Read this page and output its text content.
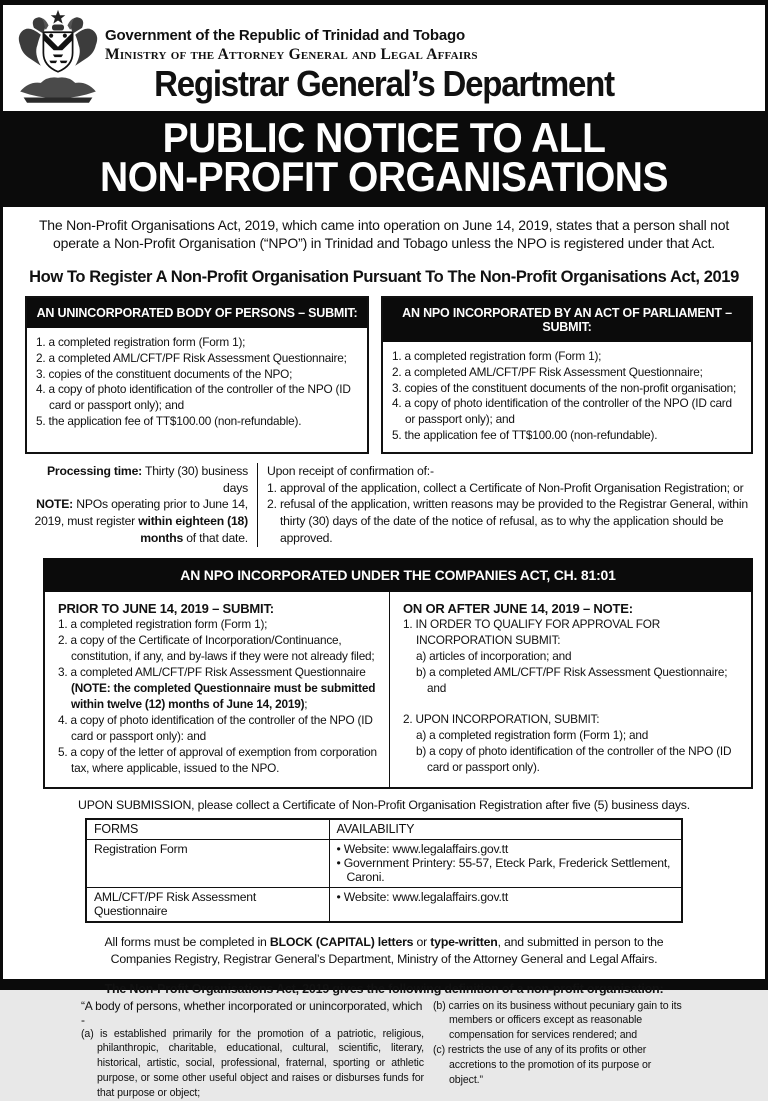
Government of the Republic of Trinidad and Tobago
Ministry of the Attorney General and Legal Affairs
Registrar General’s Department
PUBLIC NOTICE TO ALL
NON-PROFIT ORGANISATIONS
The Non-Profit Organisations Act, 2019, which came into operation on June 14, 2019, states that a person shall not operate a Non-Profit Organisation (“NPO”) in Trinidad and Tobago unless the NPO is registered under that Act.
How To Register A Non-Profit Organisation Pursuant To The Non-Profit Organisations Act, 2019
AN UNINCORPORATED BODY OF PERSONS – SUBMIT:

1. a completed registration form (Form 1);

2. a completed AML/CFT/PF Risk Assessment Questionnaire;

3. copies of the constituent documents of the NPO;

4. a copy of photo identification of the controller of the NPO (ID card or passport only); and

5. the application fee of TT$100.00 (non-refundable).

AN NPO INCORPORATED BY AN ACT OF PARLIAMENT – SUBMIT:

1. a completed registration form (Form 1);

2. a completed AML/CFT/PF Risk Assessment Questionnaire;

3. copies of the constituent documents of the non-profit organisation;

4. a copy of photo identification of the controller of the NPO (ID card or passport only); and

5. the application fee of TT$100.00 (non-refundable).

Processing time: Thirty (30) business days
NOTE: NPOs operating prior to June 14, 2019, must register within eighteen (18) months of that date.

Upon receipt of confirmation of:-

1. approval of the application, collect a Certificate of Non-Profit Organisation Registration; or

2. refusal of the application, written reasons may be provided to the Registrar General, within thirty (30) days of the date of the notice of refusal, as to why the application should be approved.

AN NPO INCORPORATED UNDER THE COMPANIES ACT, CH. 81:01

PRIOR TO JUNE 14, 2019 – SUBMIT:

1. a completed registration form (Form 1);

2. a copy of the Certificate of Incorporation/Continuance, constitution, if any, and by-laws if they were not already filed;

3. a completed AML/CFT/PF Risk Assessment Questionnaire (NOTE: the completed Questionnaire must be submitted within twelve (12) months of June 14, 2019);

4. a copy of photo identification of the controller of the NPO (ID card or passport only): and

5. a copy of the letter of approval of exemption from corporation tax, where applicable, issued to the NPO.

ON OR AFTER JUNE 14, 2019 – NOTE:

1. IN ORDER TO QUALIFY FOR APPROVAL FOR INCORPORATION SUBMIT:

a) articles of incorporation; and

b) a completed AML/CFT/PF Risk Assessment Questionnaire;

and

2. UPON INCORPORATION, SUBMIT:

a) a completed registration form (Form 1); and

b) a copy of photo identification of the controller of the NPO (ID card or passport only).

UPON SUBMISSION, please collect a Certificate of Non-Profit Organisation Registration after five (5) business days.
FORMS	AVAILABILITY
Registration Form	• Website: www.legalaffairs.gov.tt
• Government Printery: 55-57, Eteck Park, Frederick Settlement, Caroni.

AML/CFT/PF Risk Assessment Questionnaire	• Website: www.legalaffairs.gov.tt
All forms must be completed in BLOCK (CAPITAL) letters or type-written, and submitted in person to the Companies Registry, Registrar General’s Department, Ministry of the Attorney General and Legal Affairs.
The Non-Profit Organisations Act, 2019 gives the following definition of a non-profit organisation:

“A body of persons, whether incorporated or unincorporated, which -

(a) is established primarily for the promotion of a patriotic, religious, philanthropic, charitable, educational, cultural, scientific, literary, historical, artistic, social, professional, fraternal, sporting or athletic purpose, or some other useful object and raises or disburses funds for that purpose or object;

(b) carries on its business without pecuniary gain to its members or officers except as reasonable compensation for services rendered; and

(c) restricts the use of any of its profits or other accretions to the promotion of its purpose or object.”
